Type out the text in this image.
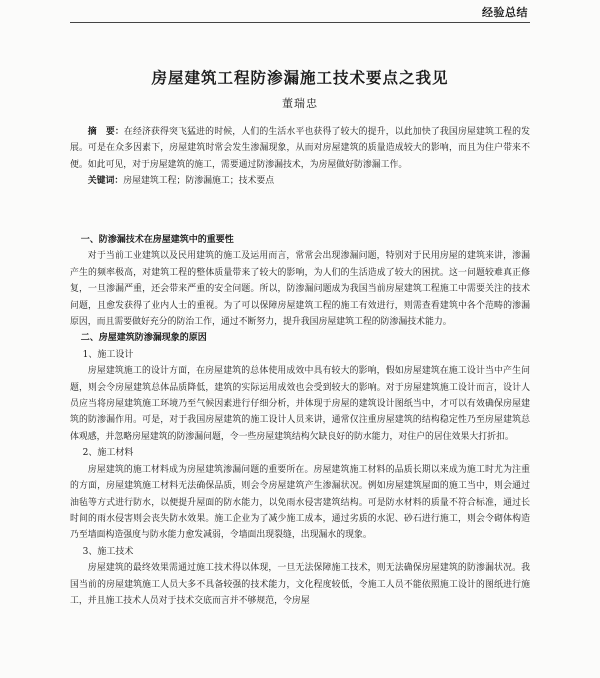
经验总结
房屋建筑工程防渗漏施工技术要点之我见
董瑞忠

摘　要：在经济获得突飞猛进的时候，人们的生活水平也获得了较大的提升，以此加快了我国房屋建筑工程的发展。可是在众多因素下，房屋建筑时常会发生渗漏现象，从而对房屋建筑的质量造成较大的影响，而且为住户带来不便。如此可见，对于房屋建筑的施工，需要通过防渗漏技术，为房屋做好防渗漏工作。

关键词：房屋建筑工程；防渗漏施工；技术要点

一、防渗漏技术在房屋建筑中的重要性

对于当前工业建筑以及民用建筑的施工及运用而言，常常会出现渗漏问题，特别对于民用房屋的建筑来讲，渗漏产生的频率极高，对建筑工程的整体质量带来了较大的影响，为人们的生活造成了较大的困扰。这一问题较难真正修复，一旦渗漏严重，还会带来严重的安全问题。所以，防渗漏问题成为我国当前房屋建筑工程施工中需要关注的技术问题，且愈发获得了业内人士的重视。为了可以保障房屋建筑工程的施工有效进行，则需查看建筑中各个范畴的渗漏原因，而且需要做好充分的防治工作，通过不断努力，提升我国房屋建筑工程的防渗漏技术能力。

二、房屋建筑防渗漏现象的原因
1、施工设计

房屋建筑施工的设计方面，在房屋建筑的总体使用成效中具有较大的影响，假如房屋建筑在施工设计当中产生问题，则会令房屋建筑总体品质降低，建筑的实际运用成效也会受到较大的影响。对于房屋建筑施工设计而言，设计人员应当将房屋建筑施工环境乃至气候因素进行仔细分析，并体现于房屋的建筑设计图纸当中，才可以有效确保房屋建筑的防渗漏作用。可是，对于我国房屋建筑的施工设计人员来讲，通常仅注重房屋建筑的结构稳定性乃至房屋建筑总体观感，并忽略房屋建筑的防渗漏问题，令一些房屋建筑结构欠缺良好的防水能力，对住户的居住效果大打折扣。

2、施工材料

房屋建筑的施工材料成为房屋建筑渗漏问题的重要所在。房屋建筑施工材料的品质长期以来成为施工时尤为注重的方面，房屋建筑施工材料无法确保品质，则会令房屋建筑产生渗漏状况。例如房屋建筑屋面的施工当中，则会通过油毡等方式进行防水，以便提升屋面的防水能力，以免雨水侵害建筑结构。可是防水材料的质量不符合标准，通过长时间的雨水侵害则会丧失防水效果。施工企业为了减少施工成本，通过劣质的水泥、砂石进行施工，则会令砌体构造乃至墙面构造强度与防水能力愈发减弱，令墙面出现裂缝，出现漏水的现象。

3、施工技术

房屋建筑的最终效果需通过施工技术得以体现，一旦无法保障施工技术，则无法确保房屋建筑的防渗漏状况。我国当前的房屋建筑施工人员大多不具备较强的技术能力，文化程度较低，令施工人员不能依照施工设计的图纸进行施工，并且施工技术人员对于技术交底而言并不够规范，令房屋
